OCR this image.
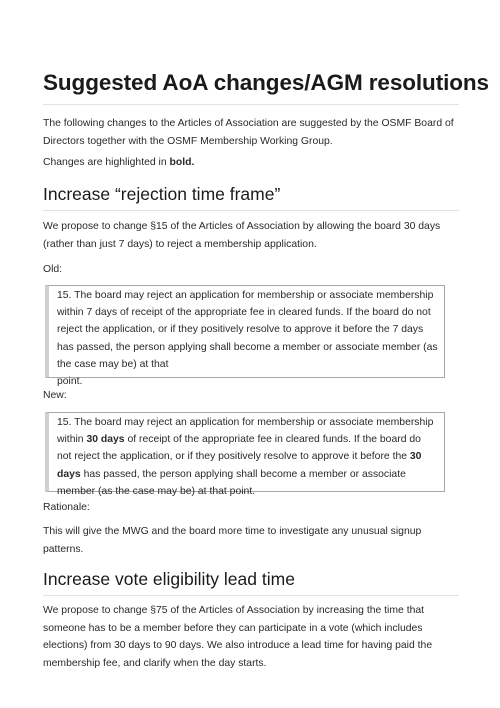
Suggested AoA changes/AGM resolutions

The following changes to the Articles of Association are suggested by the OSMF Board of Directors together with the OSMF Membership Working Group.

Changes are highlighted in bold.

Increase “rejection time frame”

We propose to change §15 of the Articles of Association by allowing the board 30 days (rather than just 7 days) to reject a membership application.

Old:

15. The board may reject an application for membership or associate membership within 7 days of receipt of the appropriate fee in cleared funds. If the board do not reject the application, or if they positively resolve to approve it before the 7 days has passed, the person applying shall become a member or associate member (as the case may be) at that
point.

New:

15. The board may reject an application for membership or associate membership within 30 days of receipt of the appropriate fee in cleared funds. If the board do not reject the application, or if they positively resolve to approve it before the 30 days has passed, the person applying shall become a member or associate member (as the case may be) at that point.

Rationale:

This will give the MWG and the board more time to investigate any unusual signup patterns.

Increase vote eligibility lead time

We propose to change §75 of the Articles of Association by increasing the time that someone has to be a member before they can participate in a vote (which includes elections) from 30 days to 90 days. We also introduce a lead time for having paid the membership fee, and clarify when the day starts.
